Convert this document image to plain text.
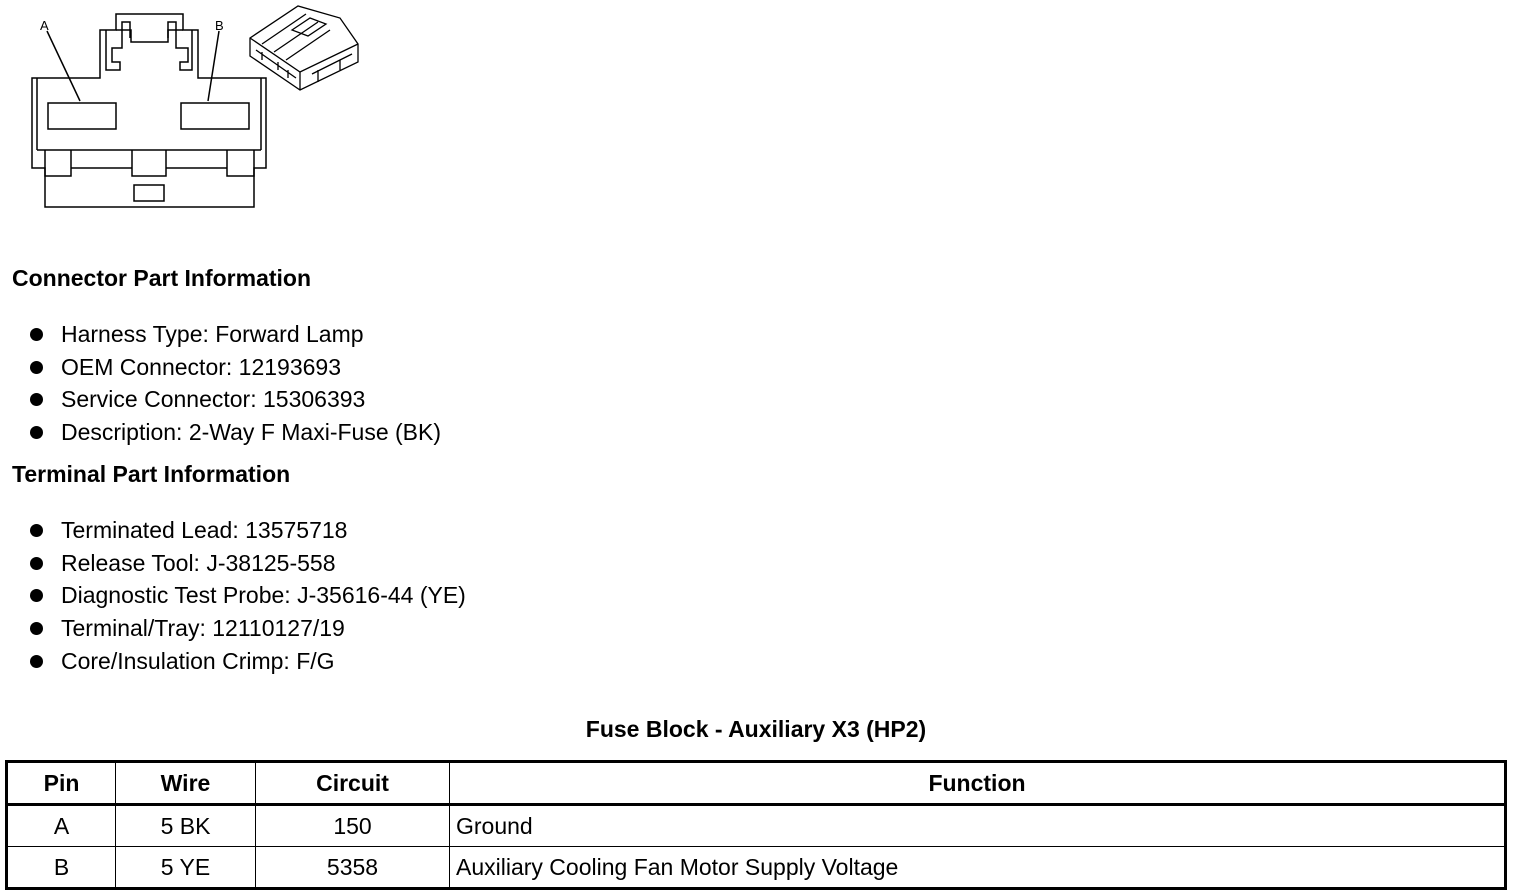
A	B
Connector Part Information
Harness Type: Forward Lamp
OEM Connector: 12193693
Service Connector: 15306393
Description: 2-Way F Maxi-Fuse (BK)
Terminal Part Information
Terminated Lead: 13575718
Release Tool: J-38125-558
Diagnostic Test Probe: J-35616-44 (YE)
Terminal/Tray: 12110127/19
Core/Insulation Crimp: F/G
Fuse Block - Auxiliary X3 (HP2)
Pin	Wire	Circuit	Function
A	5 BK	150	Ground
B	5 YE	5358	Auxiliary Cooling Fan Motor Supply Voltage
